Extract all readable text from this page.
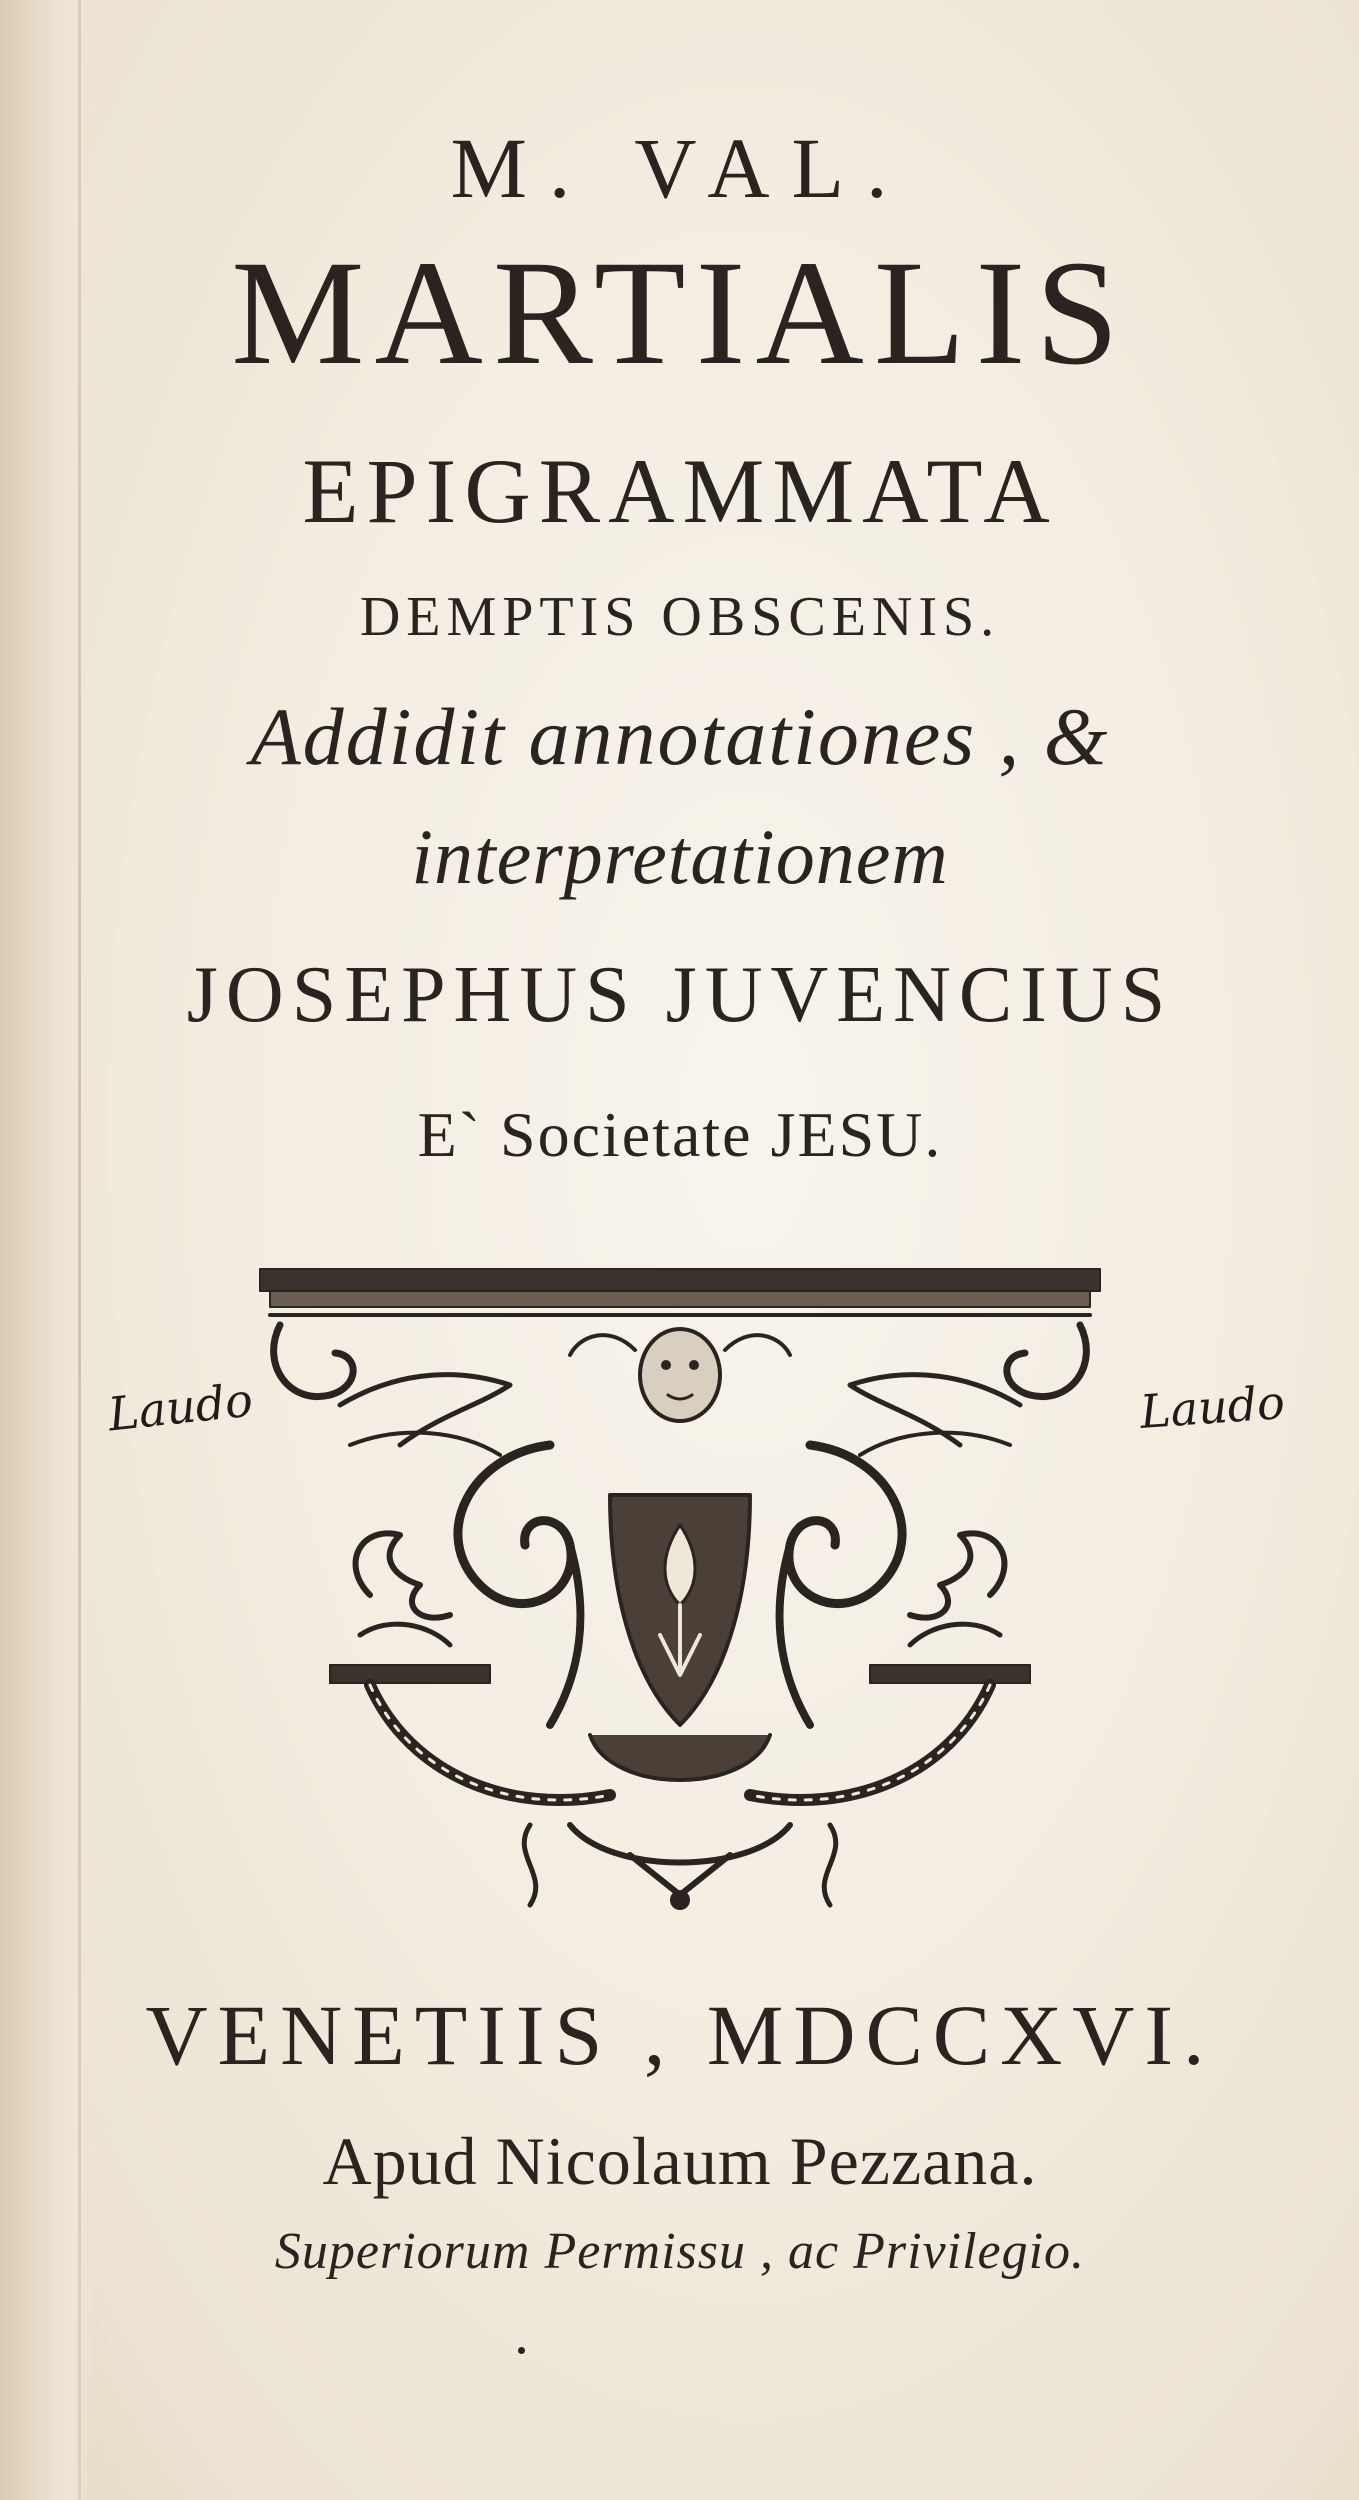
M. VAL.
MARTIALIS
EPIGRAMMATA
DEMPTIS OBSCENIS.
Addidit annotationes , &
interpretationem
JOSEPHUS JUVENCIUS
E` Societate JESU.
Laudo	Laudo
VENETIIS , MDCCXVI.
Apud Nicolaum Pezzana.
Superiorum Permissu , ac Privilegio.
